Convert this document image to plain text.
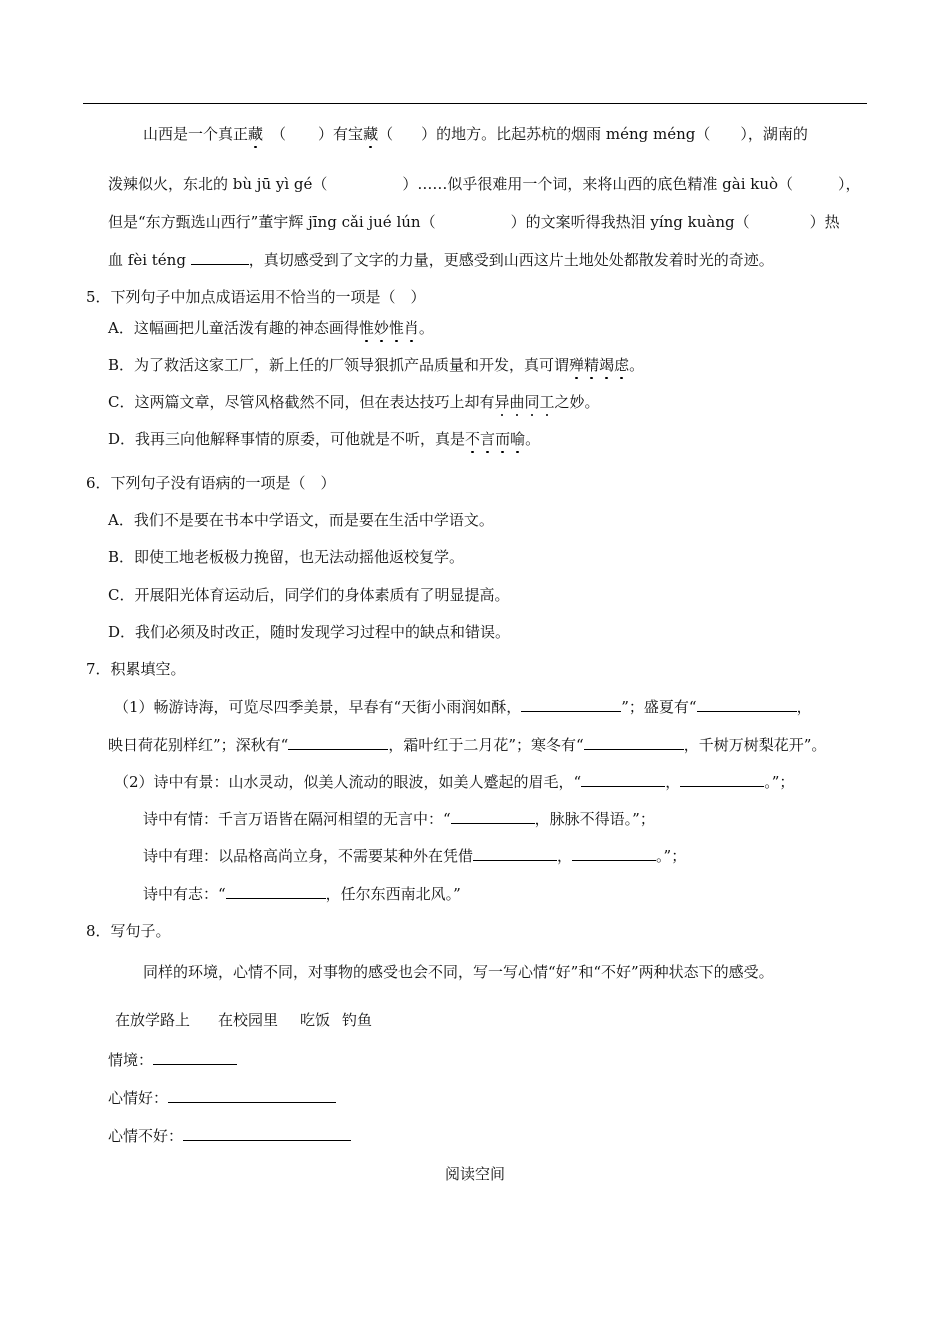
山西是一个真正藏 （ ）有宝藏（ ）的地方。比起苏杭的烟雨 méng méng（ ），湖南的
泼辣似火，东北的 bù jū yì gé（　　　　　）……似乎很难用一个词，来将山西的底色精准 gài kuò（　　　），
但是“东方甄选山西行”董宇辉 jīng cǎi jué lún（　　　　　）的文案听得我热泪 yíng kuàng（　　　　）热
血 fèi téng	，真切感受到了文字的力量，更感受到山西这片土地处处都散发着时光的奇迹。
5．下列句子中加点成语运用不恰当的一项是（　）
A．这幅画把儿童活泼有趣的神态画得惟妙惟肖。
B．为了救活这家工厂，新上任的厂领导狠抓产品质量和开发，真可谓殚精竭虑。
C．这两篇文章，尽管风格截然不同，但在表达技巧上却有异曲同工之妙。
D．我再三向他解释事情的原委，可他就是不听，真是不言而喻。
6．下列句子没有语病的一项是（　）
A．我们不是要在书本中学语文，而是要在生活中学语文。
B．即使工地老板极力挽留，也无法动摇他返校复学。
C．开展阳光体育运动后，同学们的身体素质有了明显提高。
D．我们必须及时改正，随时发现学习过程中的缺点和错误。
7．积累填空。
（1）畅游诗海，可览尽四季美景，早春有“天街小雨润如酥，	”；盛夏有“	，
映日荷花别样红”；深秋有“	，霜叶红于二月花”；寒冬有“	，千树万树梨花开”。
（2）诗中有景：山水灵动，似美人流动的眼波，如美人蹙起的眉毛，“	，	。”；
诗中有情：千言万语皆在隔河相望的无言中：“	，脉脉不得语。”；
诗中有理：以品格高尚立身，不需要某种外在凭借	，	。”；
诗中有志：“	，任尔东西南北风。”
8．写句子。
同样的环境，心情不同，对事物的感受也会不同，写一写心情“好”和“不好”两种状态下的感受。
在放学路上 在校园里 吃饭 钓鱼
情境：
心情好：
心情不好：
阅读空间
